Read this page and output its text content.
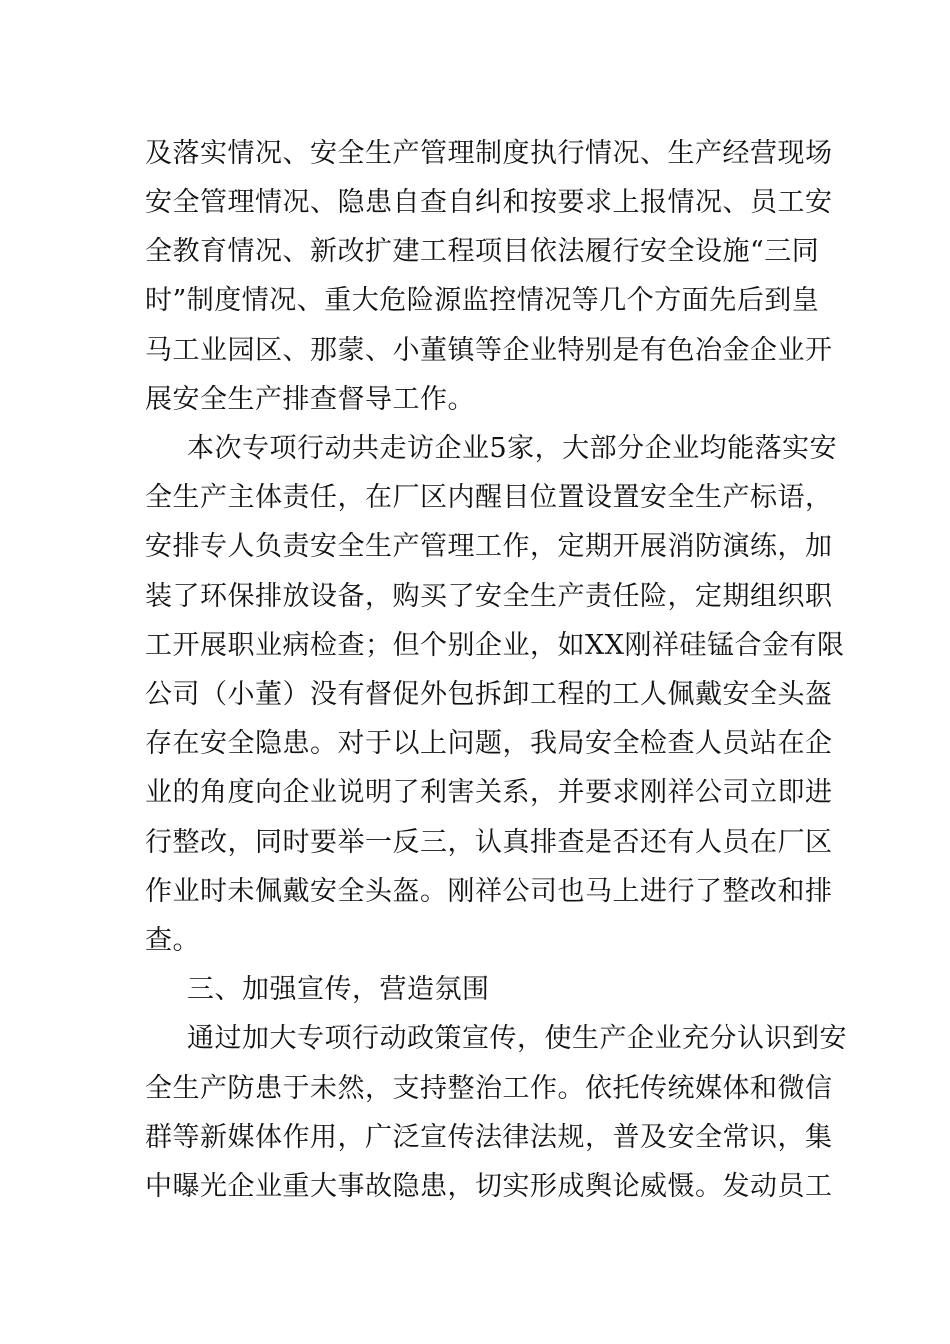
及落实情况、安全生产管理制度执行情况、生产经营现场
安全管理情况、隐患自查自纠和按要求上报情况、员工安
全教育情况、新改扩建工程项目依法履行安全设施“三同
时”制度情况、重大危险源监控情况等几个方面先后到皇
马工业园区、那蒙、小董镇等企业特别是有色冶金企业开
展安全生产排查督导工作。
本次专项行动共走访企业5家，大部分企业均能落实安
全生产主体责任，在厂区内醒目位置设置安全生产标语，
安排专人负责安全生产管理工作，定期开展消防演练，加
装了环保排放设备，购买了安全生产责任险，定期组织职
工开展职业病检查；但个别企业，如XX刚祥硅锰合金有限
公司（小董）没有督促外包拆卸工程的工人佩戴安全头盔
存在安全隐患。对于以上问题，我局安全检查人员站在企
业的角度向企业说明了利害关系，并要求刚祥公司立即进
行整改，同时要举一反三，认真排查是否还有人员在厂区
作业时未佩戴安全头盔。刚祥公司也马上进行了整改和排
查。
三、加强宣传，营造氛围
通过加大专项行动政策宣传，使生产企业充分认识到安
全生产防患于未然，支持整治工作。依托传统媒体和微信
群等新媒体作用，广泛宣传法律法规，普及安全常识，集
中曝光企业重大事故隐患，切实形成舆论威慑。发动员工
